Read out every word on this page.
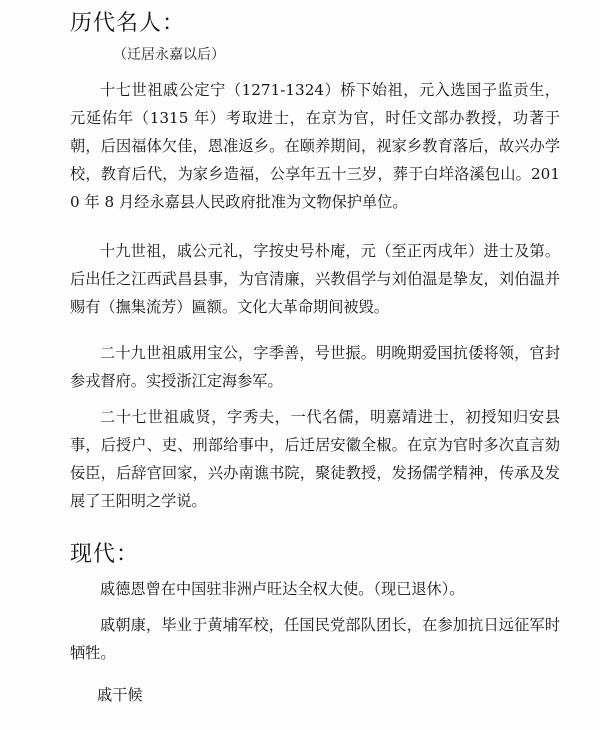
历代名人：
（迁居永嘉以后）
十七世祖戚公定宁（1271-1324）桥下始祖，元入选国子监贡生，元延佑年（1315 年）考取进士，在京为官，时任文部办教授，功著于朝，后因福体欠佳，恩准返乡。在颐养期间，视家乡教育落后，故兴办学校，教育后代，为家乡造福，公享年五十三岁，葬于白垟洛溪包山。2010 年 8 月经永嘉县人民政府批准为文物保护单位。
十九世祖，戚公元礼，字按史号朴庵，元（至正丙戌年）进士及第。后出任之江西武昌县事，为官清廉，兴教倡学与刘伯温是挚友，刘伯温并赐有（撫集流芳）匾额。文化大革命期间被毁。
二十九世祖戚用宝公，字季善，号世振。明晚期爱国抗倭将领，官封参戎督府。实授浙江定海参军。
二十七世祖戚贤，字秀夫，一代名儒，明嘉靖进士，初授知归安县事，后授户、吏、刑部给事中，后迁居安徽全椒。在京为官时多次直言劾佞臣，后辞官回家，兴办南谯书院，聚徒教授，发扬儒学精神，传承及发展了王阳明之学说。
现代：
戚德恩曾在中国驻非洲卢旺达全权大使。（现已退休）。
戚朝康，毕业于黄埔军校，任国民党部队团长，在参加抗日远征军时牺牲。
戚干候
